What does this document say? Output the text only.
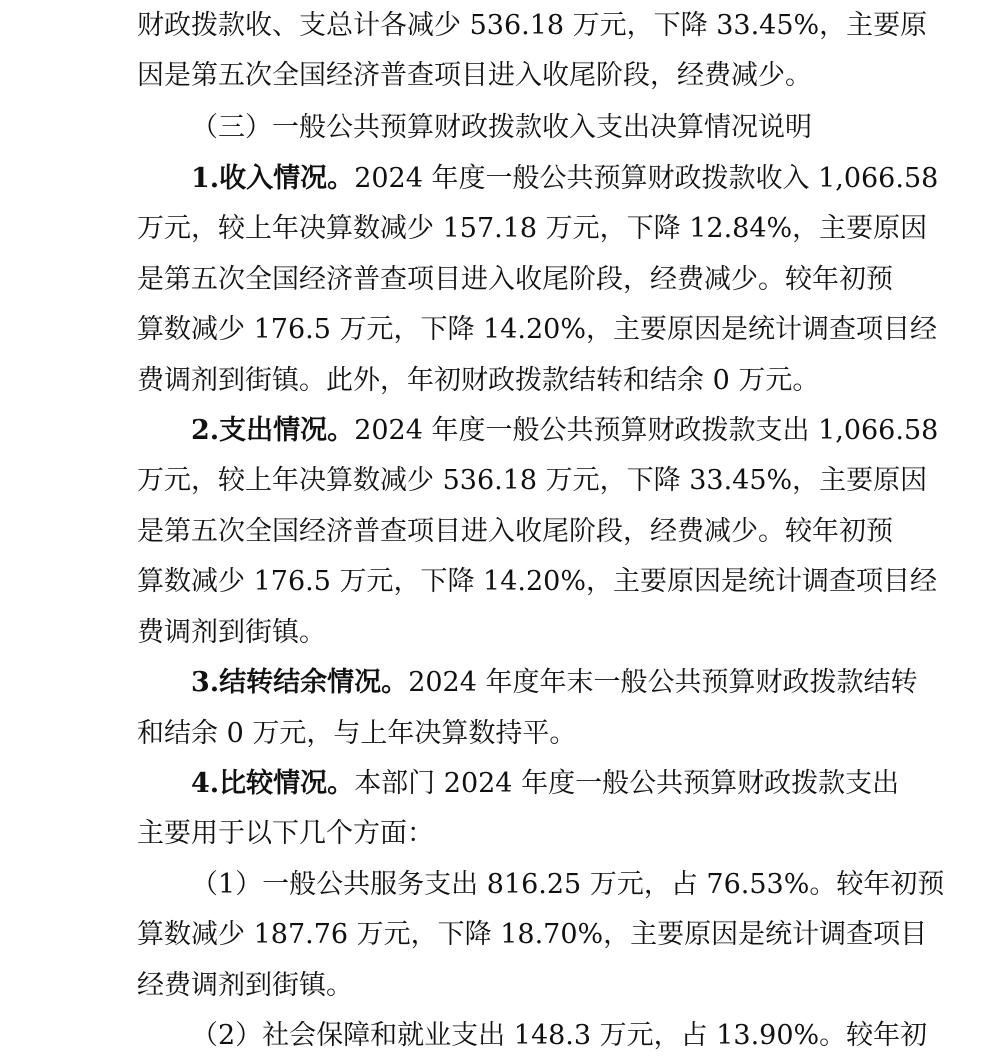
财政拨款收、支总计各减少 536.18 万元，下降 33.45%，主要原
因是第五次全国经济普查项目进入收尾阶段，经费减少。
（三）一般公共预算财政拨款收入支出决算情况说明
1.收入情况。2024 年度一般公共预算财政拨款收入 1,066.58
万元，较上年决算数减少 157.18 万元，下降 12.84%，主要原因
是第五次全国经济普查项目进入收尾阶段，经费减少。较年初预
算数减少 176.5 万元，下降 14.20%，主要原因是统计调查项目经
费调剂到街镇。此外，年初财政拨款结转和结余 0 万元。
2.支出情况。2024 年度一般公共预算财政拨款支出 1,066.58
万元，较上年决算数减少 536.18 万元，下降 33.45%，主要原因
是第五次全国经济普查项目进入收尾阶段，经费减少。较年初预
算数减少 176.5 万元，下降 14.20%，主要原因是统计调查项目经
费调剂到街镇。
3.结转结余情况。2024 年度年末一般公共预算财政拨款结转
和结余 0 万元，与上年决算数持平。
4.比较情况。本部门 2024 年度一般公共预算财政拨款支出
主要用于以下几个方面：
（1）一般公共服务支出 816.25 万元，占 76.53%。较年初预
算数减少 187.76 万元，下降 18.70%，主要原因是统计调查项目
经费调剂到街镇。
（2）社会保障和就业支出 148.3 万元，占 13.90%。较年初
